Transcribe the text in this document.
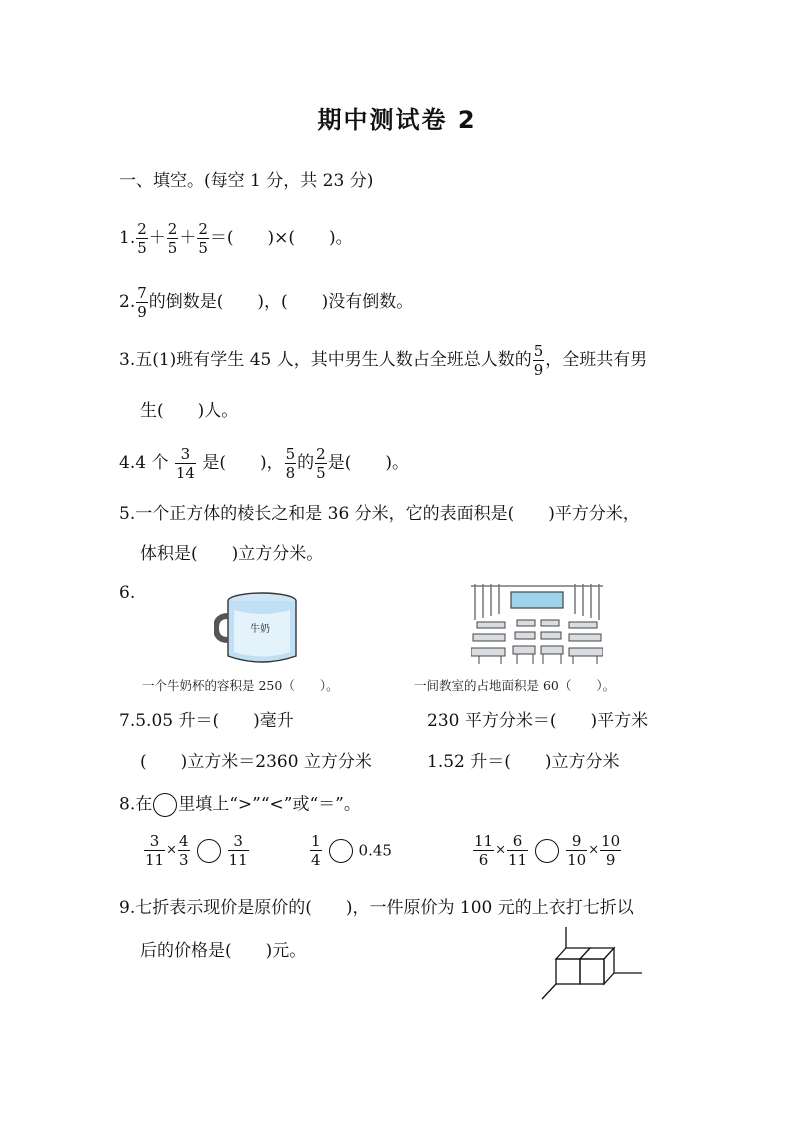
期中测试卷 2
一、填空。(每空 1 分，共 23 分)
1. $\frac{2}{5} + \frac{2}{5} + \frac{2}{5}$ ＝(　　)×(　　)。
2. $\frac{7}{9}$ 的倒数是(　　)，(　　)没有倒数。
3.五(1)班有学生 45 人，其中男生人数占全班总人数的 $\frac{5}{9}$ ，全班共有男
生(　　)人。
4.4 个 $\frac{3}{14}$ 是(　　)， $\frac{5}{8}$ 的 $\frac{2}{5}$ 是(　　)。
5.一个正方体的棱长之和是 36 分米，它的表面积是(　　)平方分米，
体积是(　　)立方分米。
6.
牛奶
一个牛奶杯的容积是 250（　　）。	一间教室的占地面积是 60（　　）。
7.5.05 升＝(　　)毫升	230 平方分米＝(　　)平方米
(　　)立方米＝2360 立方分米	1.52 升＝(　　)立方分米
8.在 里填上“>”“<”或“＝”。
$\frac{3}{11} \times \frac{4}{3}$	$\frac{3}{11}$	$\frac{1}{4} 0.45$	$\frac{11}{6} \times \frac{6}{11}$	$\frac{9}{10} \times \frac{10}{9}$
9.七折表示现价是原价的(　　)，一件原价为 100 元的上衣打七折以
后的价格是(　　)元。
